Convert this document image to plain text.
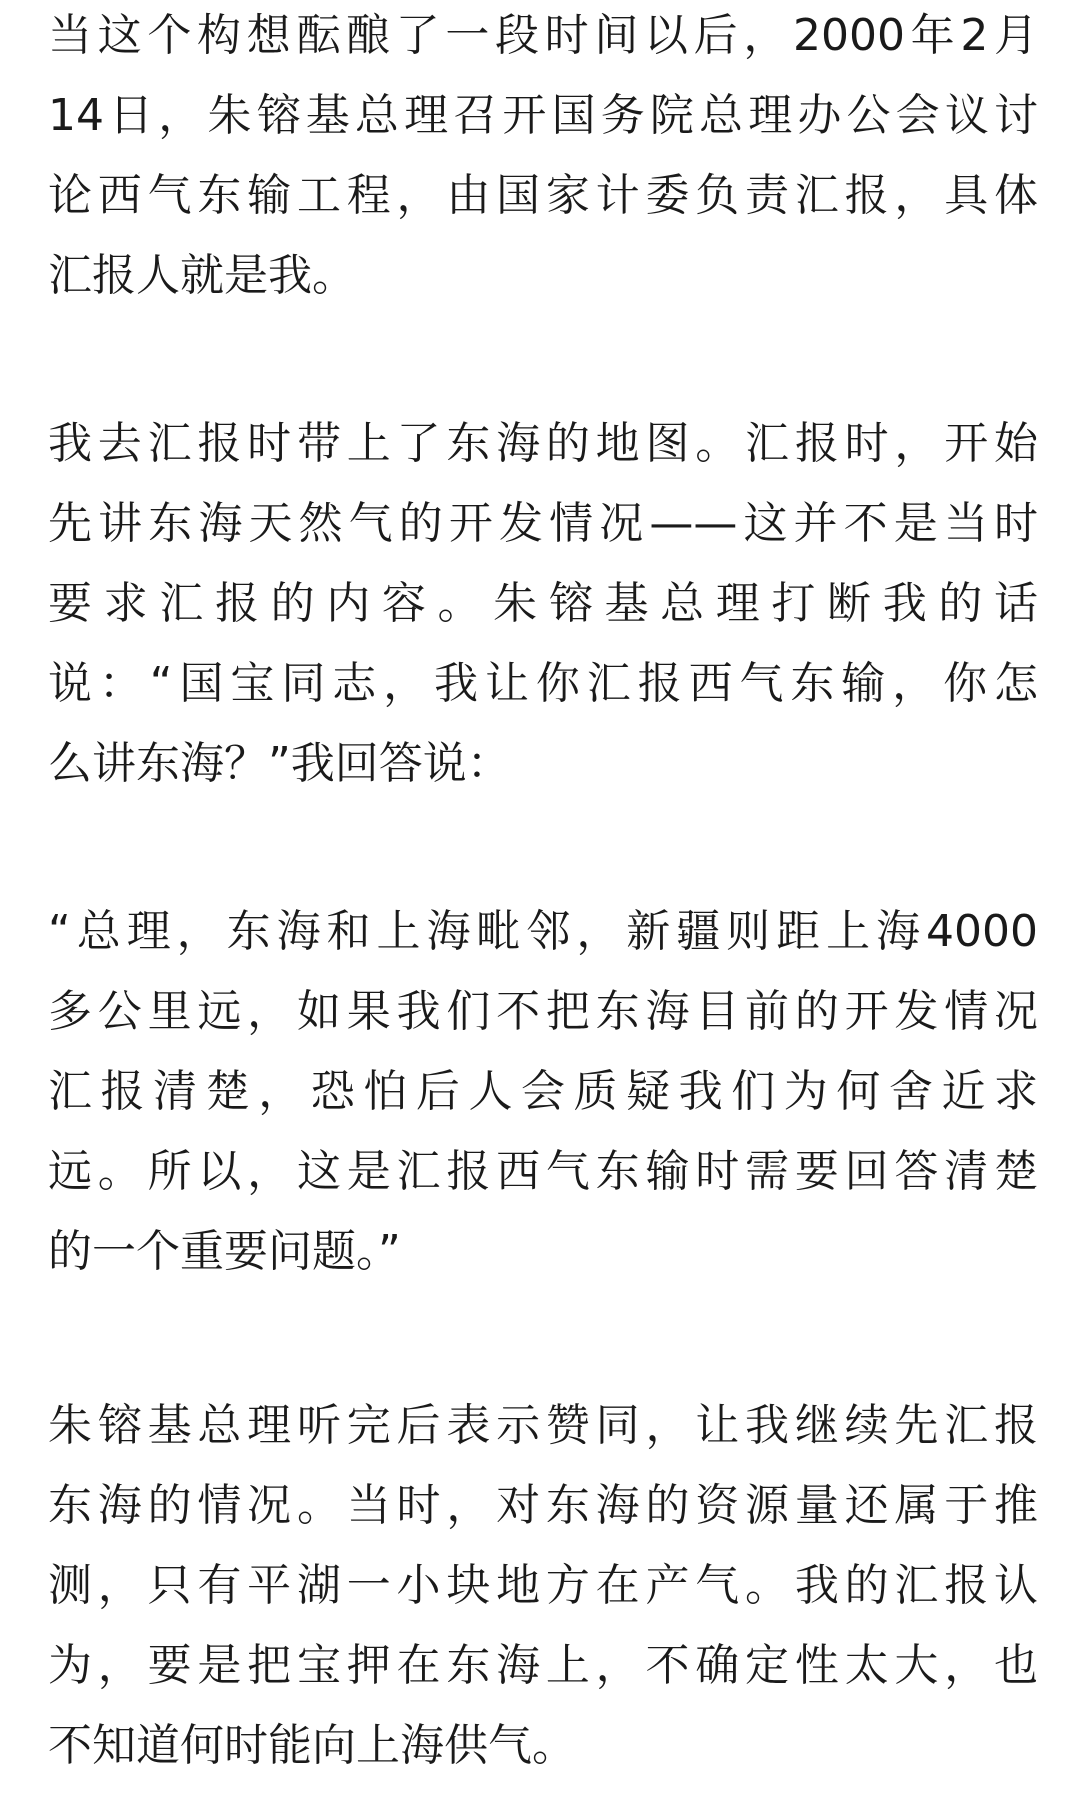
当这个构想酝酿了一段时间以后，2000年2月
14日，朱镕基总理召开国务院总理办公会议讨
论西气东输工程，由国家计委负责汇报，具体
汇报人就是我。
我去汇报时带上了东海的地图。汇报时，开始
先讲东海天然气的开发情况——这并不是当时
要求汇报的内容。朱镕基总理打断我的话
说：“国宝同志，我让你汇报西气东输，你怎
么讲东海？”我回答说：
“总理，东海和上海毗邻，新疆则距上海4000
多公里远，如果我们不把东海目前的开发情况
汇报清楚，恐怕后人会质疑我们为何舍近求
远。所以，这是汇报西气东输时需要回答清楚
的一个重要问题。”
朱镕基总理听完后表示赞同，让我继续先汇报
东海的情况。当时，对东海的资源量还属于推
测，只有平湖一小块地方在产气。我的汇报认
为，要是把宝押在东海上，不确定性太大，也
不知道何时能向上海供气。
